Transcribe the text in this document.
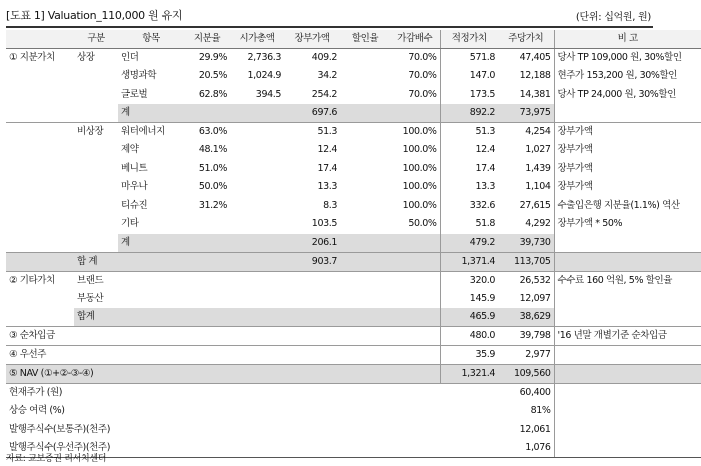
[도표 1] Valuation_110,000 원 유지	(단위: 십억원, 원)
	구분	항목	지분율	시가총액	장부가액	할인율	가감배수	적정가치	주당가치	비 고
① 지분가치	상장	인더	29.9%	2,736.3	409.2		70.0%	571.8	47,405	당사 TP 109,000 원, 30%할인
		생명과학	20.5%	1,024.9	34.2		70.0%	147.0	12,188	현주가 153,200 원, 30%할인
		글로벌	62.8%	394.5	254.2		70.0%	173.5	14,381	당사 TP 24,000 원, 30%할인
		계			697.6			892.2	73,975	
	비상장	워터에너지	63.0%		51.3		100.0%	51.3	4,254	장부가액
		제약	48.1%		12.4		100.0%	12.4	1,027	장부가액
		베니트	51.0%		17.4		100.0%	17.4	1,439	장부가액
		마우나	50.0%		13.3		100.0%	13.3	1,104	장부가액
		티슈진	31.2%		8.3		100.0%	332.6	27,615	수출입은행 지분율(1.1%) 역산
		기타			103.5		50.0%	51.8	4,292	장부가액 * 50%
		계			206.1			479.2	39,730	
	합 계				903.7			1,371.4	113,705	
② 기타가치	브랜드							320.0	26,532	수수료 160 억원, 5% 할인율
	부동산							145.9	12,097	
	합계							465.9	38,629	
③ 순차입금								480.0	39,798	'16 년말 개별기준 순차입금
④ 우선주								35.9	2,977	
⑤ NAV (①+②-③-④)								1,321.4	109,560	
현재주가 (원)									60,400	
상승 여력 (%)									81%	
발행주식수(보통주)(천주)									12,061	
발행주식수(우선주)(천주)									1,076	
자료: 교보증권 리서치센터
